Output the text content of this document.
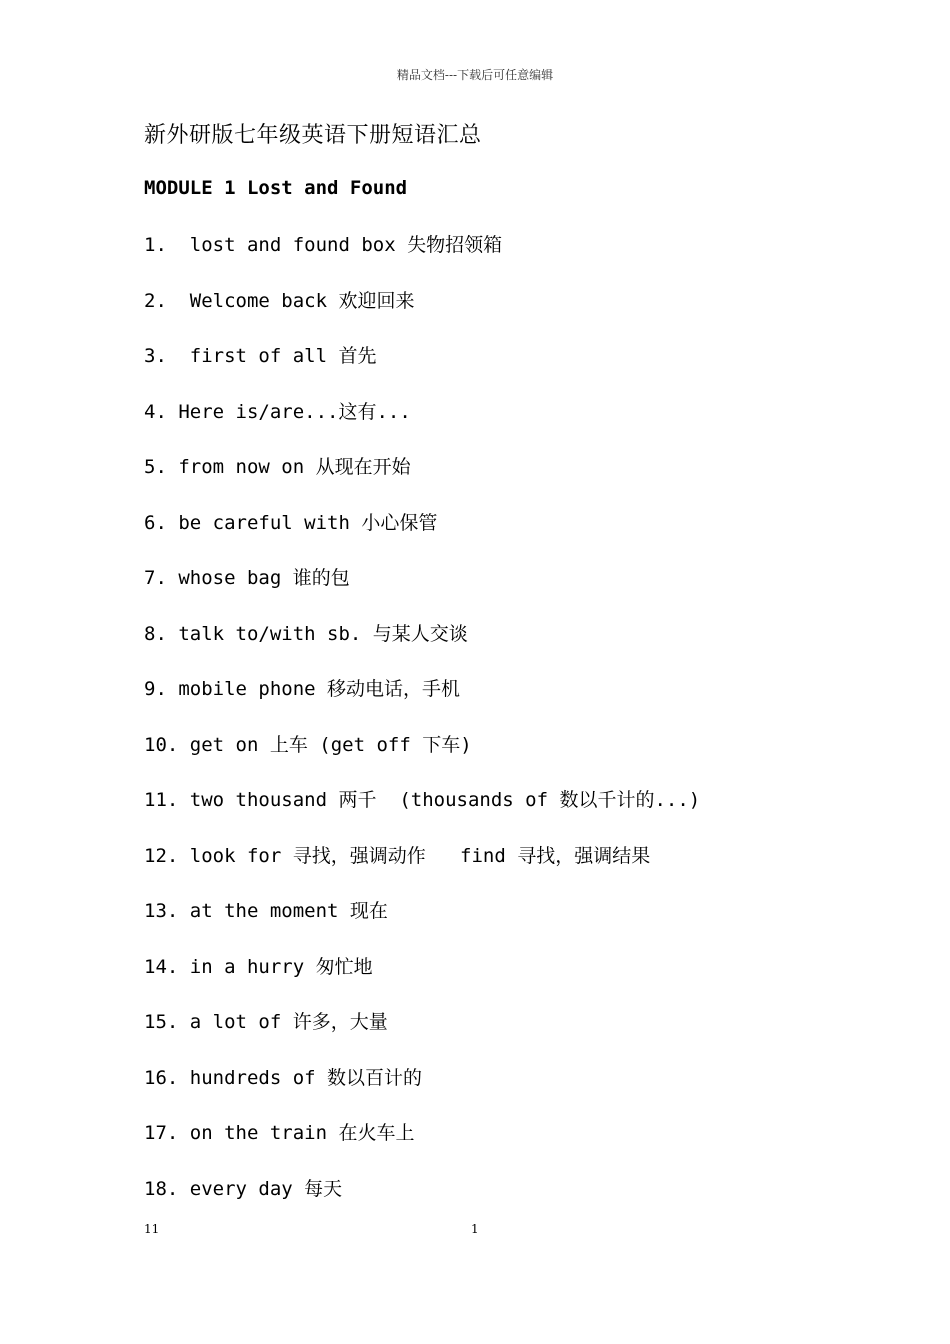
精品文档---下载后可任意编辑
新外研版七年级英语下册短语汇总
MODULE 1 Lost and Found
1.  lost and found box 失物招领箱
2.  Welcome back 欢迎回来
3.  first of all 首先
4. Here is/are...这有...
5. from now on 从现在开始
6. be careful with 小心保管
7. whose bag 谁的包
8. talk to/with sb. 与某人交谈
9. mobile phone 移动电话，手机
10. get on 上车 (get off 下车)
11. two thousand 两千  (thousands of 数以千计的...)
12. look for 寻找，强调动作   find 寻找，强调结果
13. at the moment 现在
14. in a hurry 匆忙地
15. a lot of 许多，大量
16. hundreds of 数以百计的
17. on the train 在火车上
18. every day 每天
11	1
